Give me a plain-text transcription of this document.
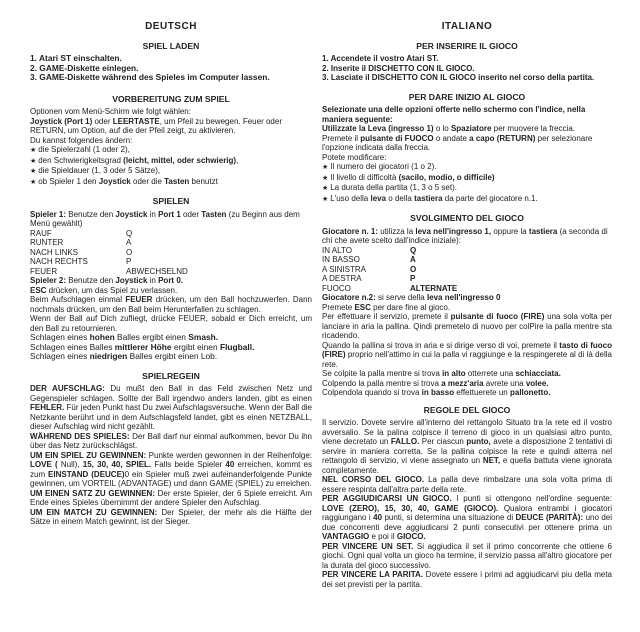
DEUTSCH
SPIEL LADEN
1. Atari ST einschalten.
2. GAME-Diskette einlegen.
3. GAME-Diskette während des Spieles im Computer lassen.
VORBEREITUNG ZUM SPIEL
Optionen vom Menü-Schirm wie folgt wählen:
Joystick (Port 1) oder LEERTASTE, um Pfeil zu bewegen. Feuer oder RETURN, um Option, auf die der Pfeil zeigt, zu aktivieren.
Du kannst folgendes ändern:
★ die Spielerzahl (1 oder 2),
★ den Schwierigkeitsgrad (leicht, mittel, oder schwierig),
★ die Spieldauer (1, 3 oder 5 Sätze),
★ ob Spieler 1 den Joystick oder die Tasten benutzt
SPIELEN
Spieler 1: Benutze den Joystick in Port 1 oder Tasten (zu Beginn aus dem Menü gewählt)
RAUF	Q
RUNTER	A
NACH LINKS	O
NACH RECHTS	P
FEUER	ABWECHSELND
Spieler 2: Benutze den Joystick in Port 0.
ESC drücken, um das Spiel zu verlassen.
Beim Aufschlagen einmal FEUER drücken, um den Ball hochzuwerfen. Dann nochmals drücken, um den Ball beim Herunterfallen zu schlagen.
Wenn der Ball auf Dich zufliegt, drücke FEUER, sobald er Dich erreicht, um den Ball zu retournieren.
Schlagen eines hohen Balles ergibt einen Smash.
Schlagen eines Balles mittlerer Höhe ergibt einen Flugball.
Schlagen eines niedrigen Balles ergibt einen Lob.
SPIELREGEIN
DER AUFSCHLAG: Du mußt den Ball in das Feld zwischen Netz und Gegenspieler schlagen. Sollte der Ball irgendwo anders landen, gibt es einen FEHLER. Für jeden Punkt hast Du zwei Aufschlagsversuche. Wenn der Ball die Netzkante berührt und in dem Aufschlagsfeld landet, gibt es einen NETZBALL, dieser Aufschlag wird nicht gezählt.
WÄHREND DES SPIELES: Der Ball darf nur einmal aufkommen, bevor Du ihn über das Netz zurückschlägst.
UM EIN SPIEL ZU GEWINNEN: Punkte werden gewonnen in der Reihenfolge: LOVE ( Null), 15, 30, 40, SPIEL. Falls beide Spieler 40 erreichen, kommt es zum EINSTAND (DEUCE)0 ein Spieler muß zwei aufeinanderfolgende Punkte gewinnen, um VORTEIL (ADVANTAGE) und dann GAME (SPIEL) zu erreichen.
UM EINEN SATZ ZU GEWINNEN: Der erste Spieler, der 6 Spiele erreicht. Am Ende eines Spieles übernimmt der andere Spieler den Aufschlag.
UM EIN MATCH ZU GEWINNEN: Der Spieler, der mehr als die Hälfte der Sätze in einem Match gewinnt, ist der Sieger.
ITALIANO
PER INSERIRE IL GIOCO
1. Accendete il vostro Atari ST.
2. Inserite il DISCHETTO CON IL GIOCO.
3. Lasciate il DISCHETTO CON IL GIOCO inserito nel corso della partita.
PER DARE INIZIO AL GIOCO
Selezionate una delle opzioni offerte nello schermo con l'indice, nella maniera seguente:
Utilizzate la Leva (ingresso 1) o lo Spaziatore per muovere la freccia.
Premete il pulsante di FUOCO o andate a capo (RETURN) per selezionare l'opzione indicata dalla freccia.
Potete modificare:
★ Il numero dei giocatori (1 o 2).
★ Il livello di difficoltà (sacilo, modio, o difficile)
★ La durata della partita (1, 3 o 5 set).
★ L'uso della leva o della tastiera da parte del giocatore n.1.
SVOLGIMENTO DEL GIOCO
Giocatore n. 1: utilizza la leva nell'ingresso 1, oppure la tastiera (a seconda di chi che avete scelto dall'indice iniziale):
IN ALTO	Q
IN BASSO	A
A SINISTRA	O
A DESTRA	P
FUOCO	ALTERNATE
Giocatore n.2: si serve della leva nell'ingresso 0
Premete ESC per dare fine al gioco.
Per effettuare il servizio, premete il pulsante di fuoco (FIRE) una sola volta per lanciare in aria la pallina. Qindi premetelo di nuovo per colPire la palla mentre sta ricadendo.
Quando la pallina si trova in aria e si dirige verso di voi, premete il tasto di fuoco (FIRE) proprio nell'attimo in cui la palla vi raggiunge e la respingerete al di là della rete.
Se colpite la palla mentre si trova in alto otterrete una schiacciata.
Colpendo la palla mentre si trova a mezz'aria avrete una volee.
Colpendola quando si trova in basso effettuerete un pallonetto.
REGOLE DEL GIOCO
Il servizio. Dovete servire all'interno del rettangolo Situato tra la rete ed il vostro avversalio. Se la palina colpisce il terreno di gioco in un qualsiasi altro punto, viene decretato un FALLO. Per ciascun punto, avete a disposizione 2 tentativi di servire in maniera corretta. Se la pallina colpisce la rete e quindi atterra nel rettangolo di servizio, vi viene assegnato un NET, e quella battuta viene ignorata completamente.
NEL CORSO DEL GIOCO. La palla deve rimbalzare una sola volta prima di essere respinta dall'altra parte della rete.
PER AGGIUDICARSI UN GIOCO. I punti si ottengono nell'ordine seguente: LOVE (ZERO), 15, 30, 40, GAME (GIOCO). Qualora entrambi i giocatori raggiungano i 40 punti, si determina una situazione di DEUCE (PARITÀ): uno dei due concorrenti deve aggiudicarsi 2 punti consecutivi per ottenere prima un VANTAGGIO e poi il GIOCO.
PER VINCERE UN SET. Si aggiudica il set il primo concorrente che ottiene 6 giochi. Ogni qual volta un gioco ha termine, il servizio passa all'altro giocatore per la durata del gioco successivo.
PER VINCERE LA PARITA. Dovete essere i primi ad aggiudicarvi piu della meta dei set previsti per la partita.
